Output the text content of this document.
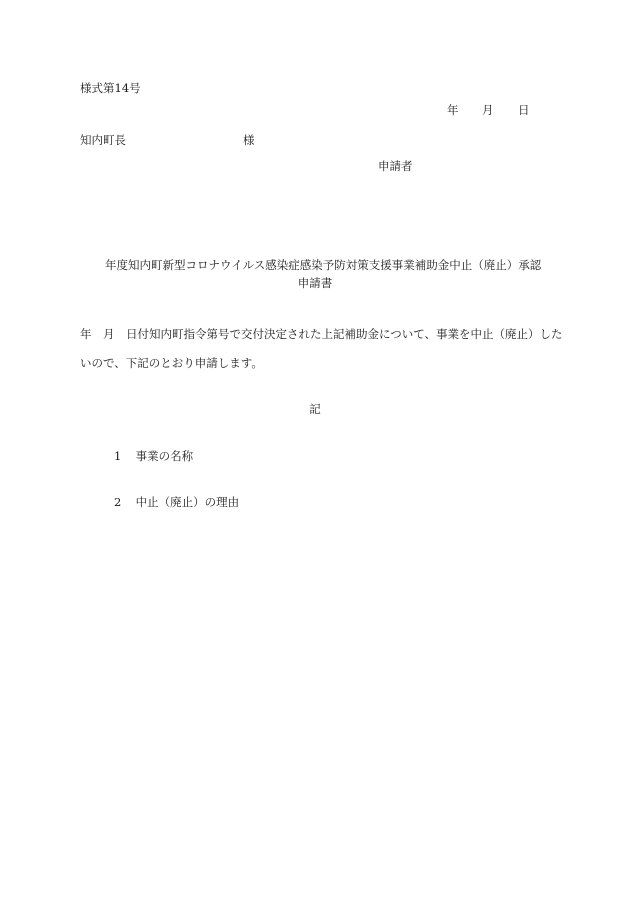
様式第14号
年 月 日
知内町長	様
申請者
年度知内町新型コロナウイルス感染症感染予防対策支援事業補助金中止（廃止）承認
申請書
年　月　日付知内町指令第号で交付決定された上記補助金について、事業を中止（廃止）した
いので、下記のとおり申請します。
記
1 事業の名称
2 中止（廃止）の理由
